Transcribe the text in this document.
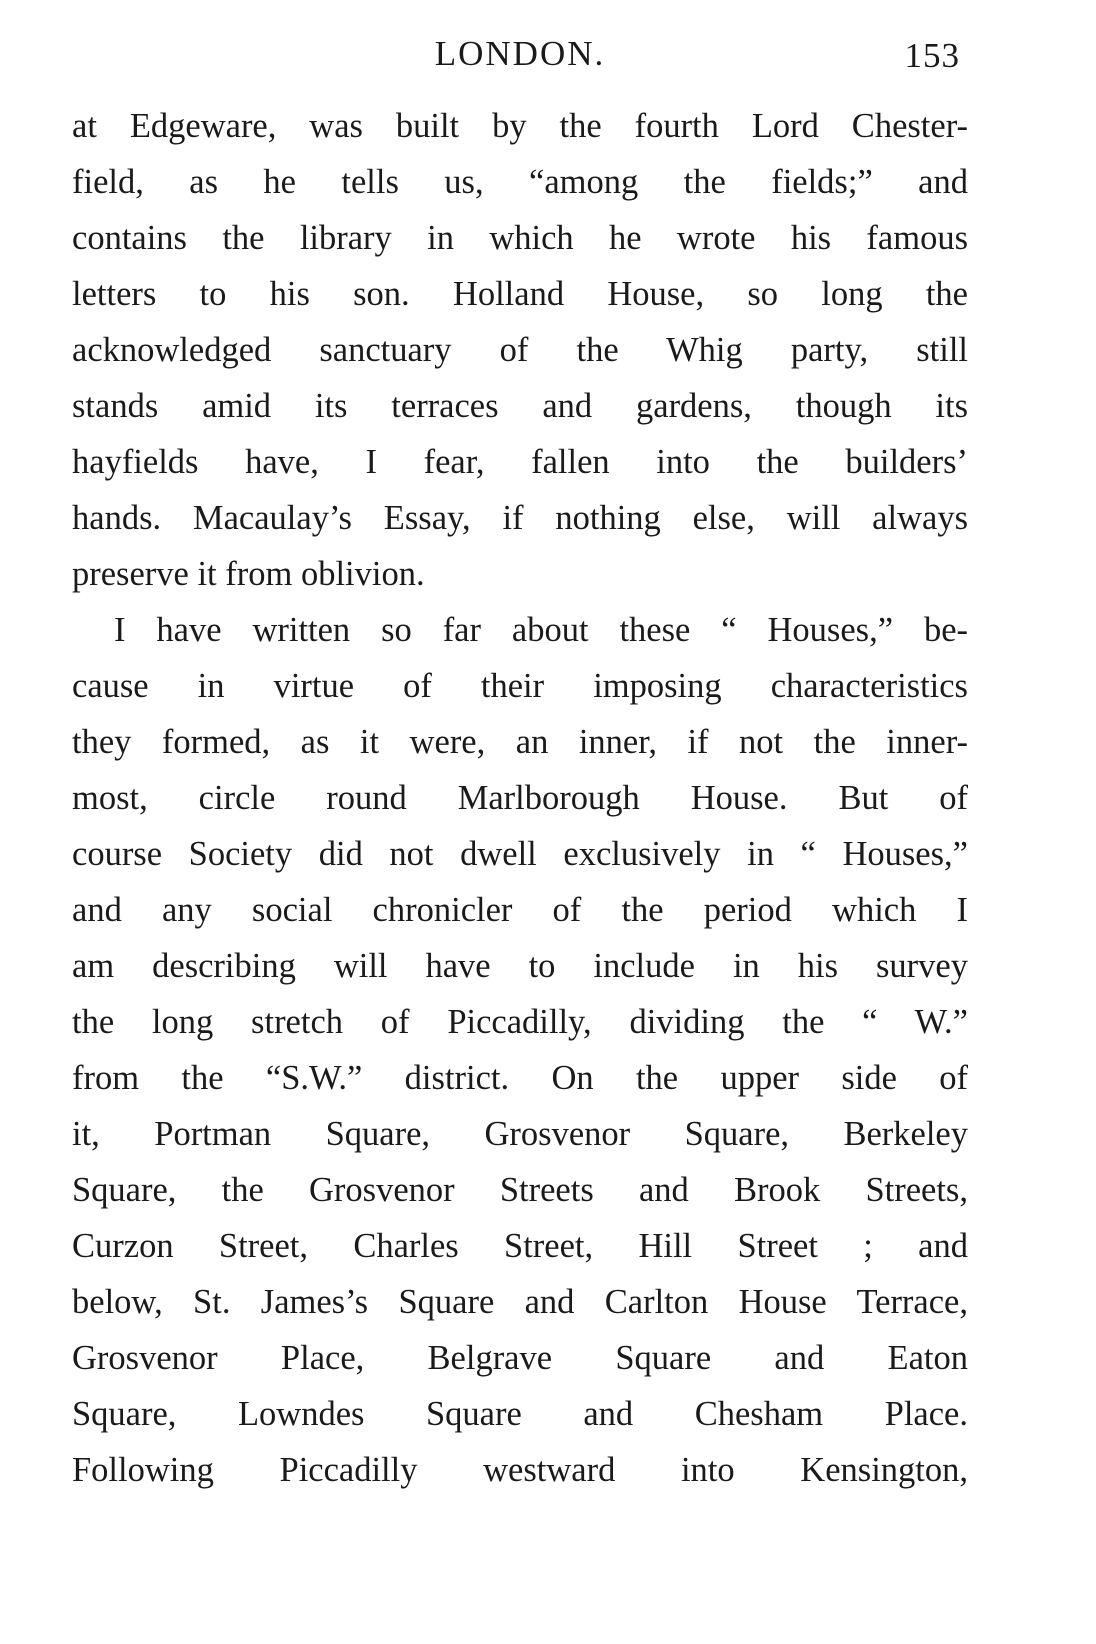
LONDON.	153
at Edgeware, was built by the fourth Lord Chester-
field, as he tells us, “among the fields;” and
contains the library in which he wrote his famous
letters to his son. Holland House, so long the
acknowledged sanctuary of the Whig party, still
stands amid its terraces and gardens, though its
hayfields have, I fear, fallen into the builders’
hands. Macaulay’s Essay, if nothing else, will always
preserve it from oblivion.
I have written so far about these “ Houses,” be-
cause in virtue of their imposing characteristics
they formed, as it were, an inner, if not the inner-
most, circle round Marlborough House. But of
course Society did not dwell exclusively in “ Houses,”
and any social chronicler of the period which I
am describing will have to include in his survey
the long stretch of Piccadilly, dividing the “ W.”
from the “S.W.” district. On the upper side of
it, Portman Square, Grosvenor Square, Berkeley
Square, the Grosvenor Streets and Brook Streets,
Curzon Street, Charles Street, Hill Street ; and
below, St. James’s Square and Carlton House Terrace,
Grosvenor Place, Belgrave Square and Eaton
Square, Lowndes Square and Chesham Place.
Following Piccadilly westward into Kensington,
